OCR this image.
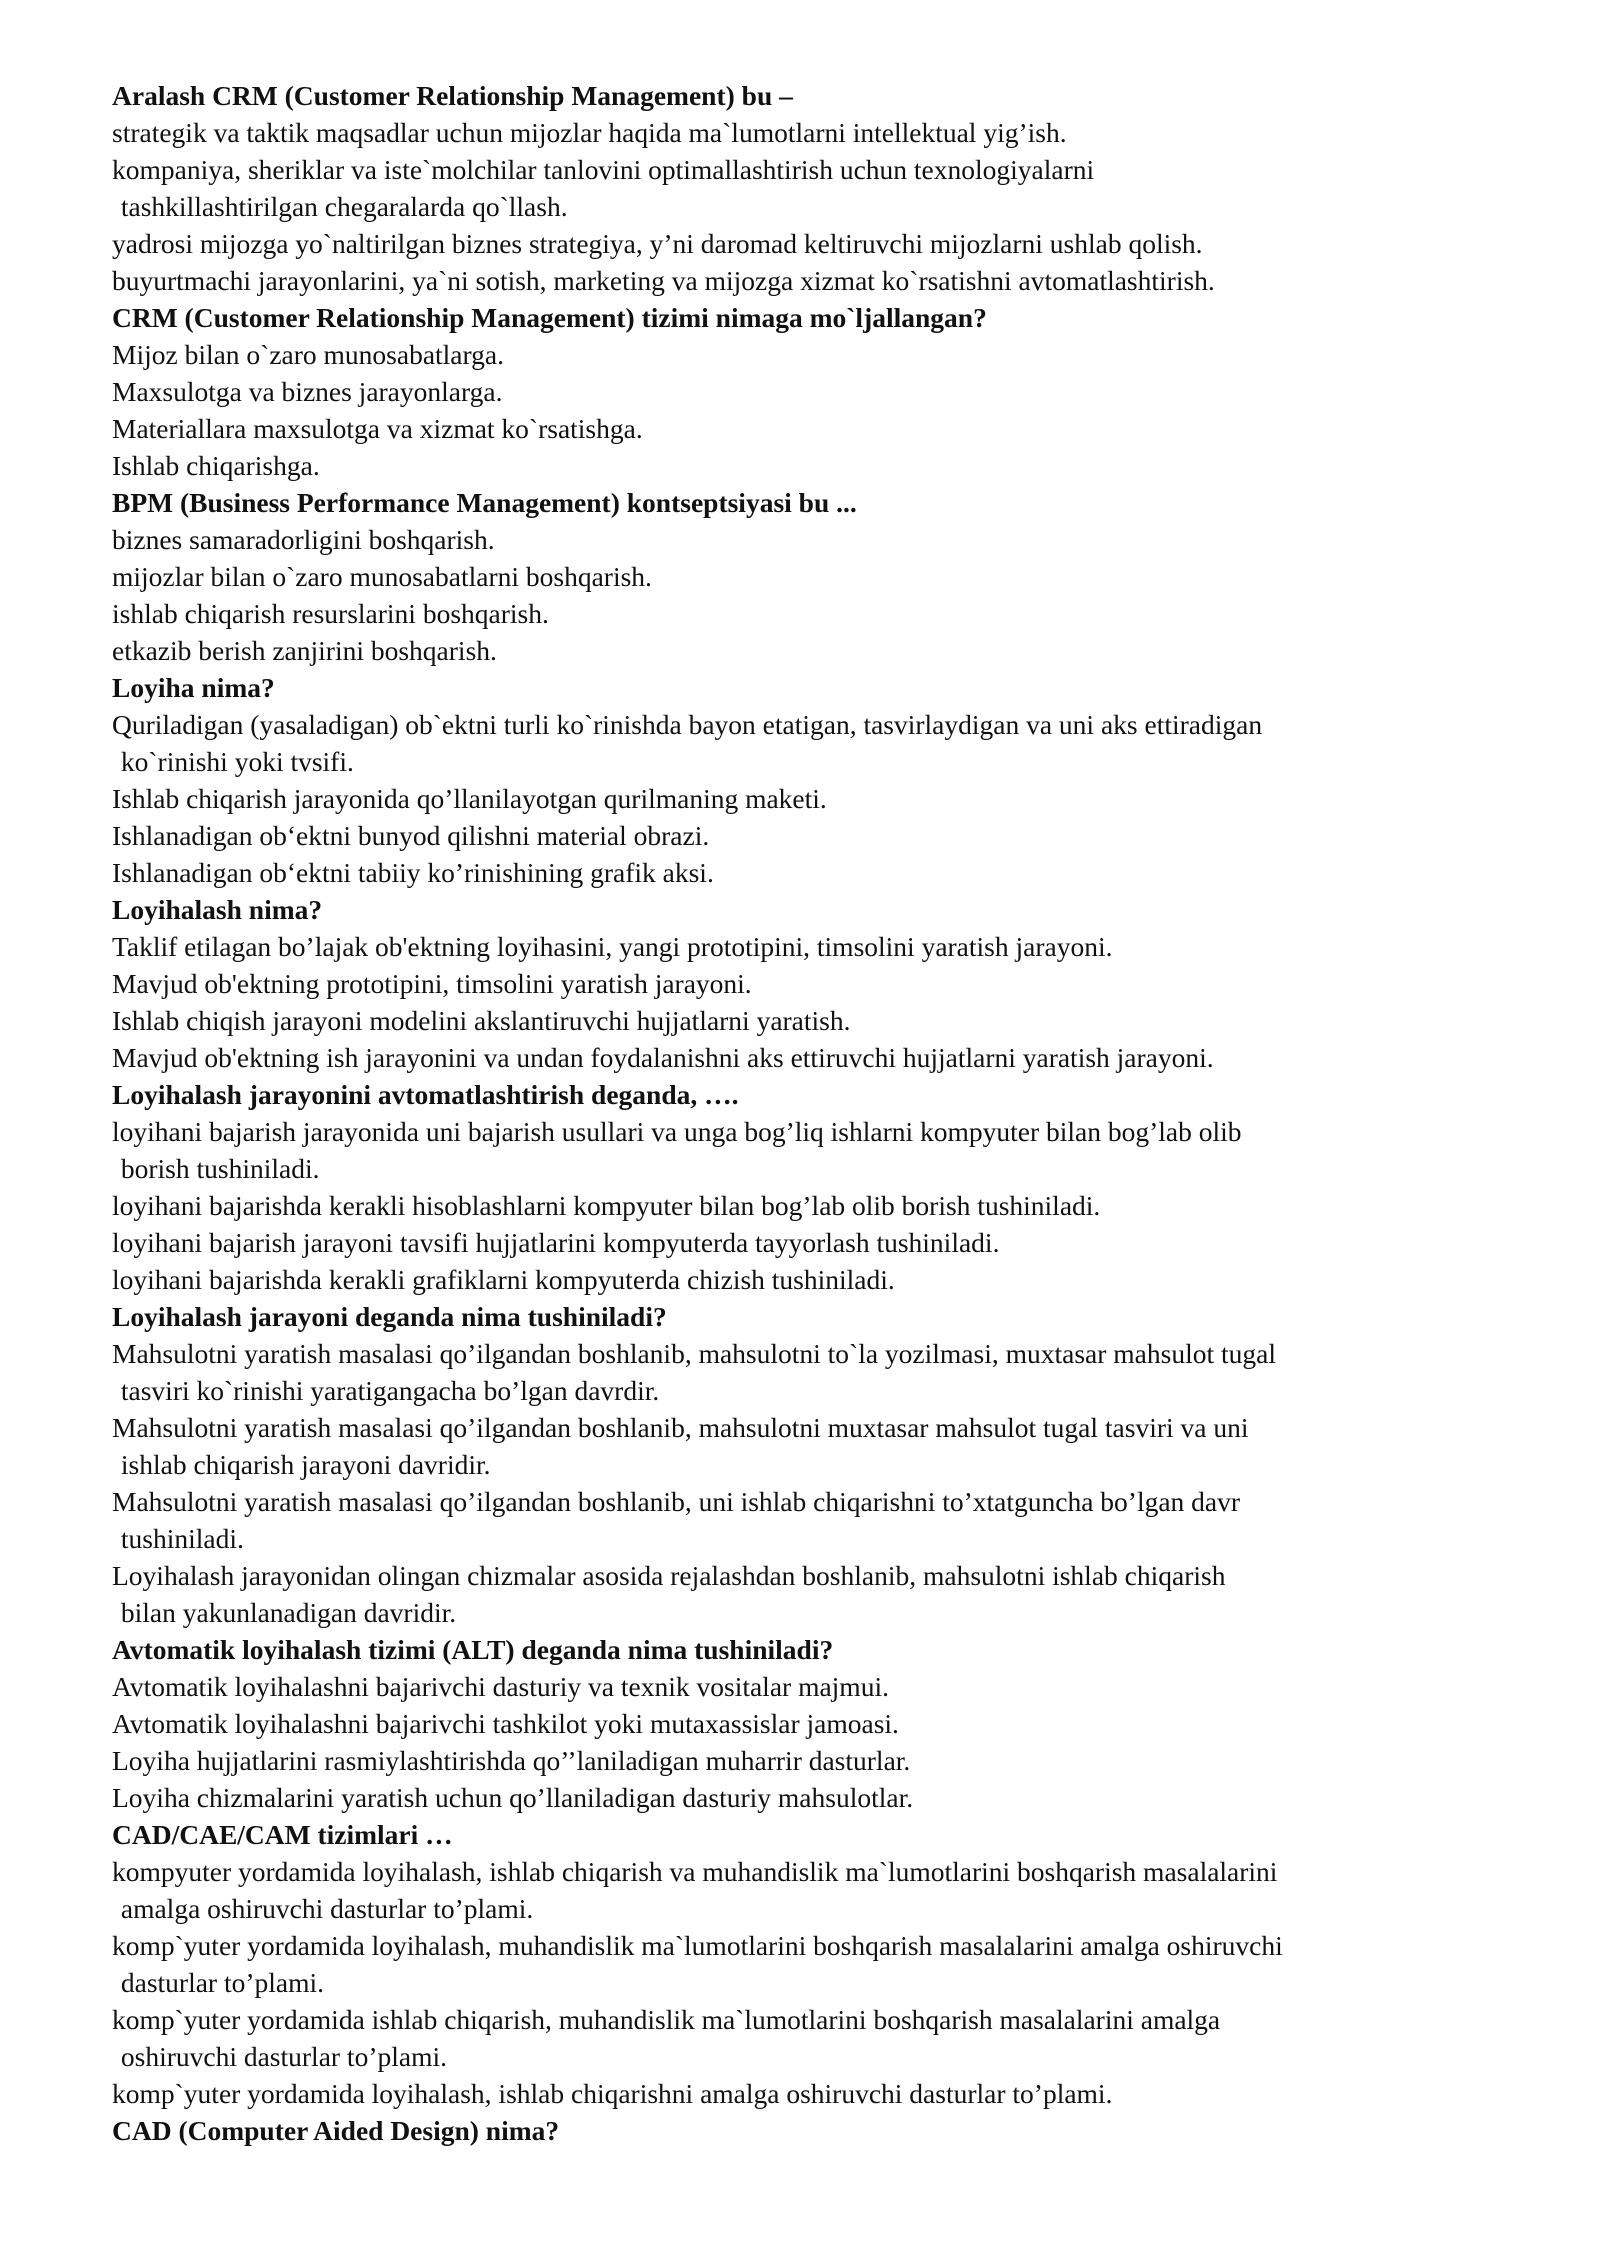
Aralash CRM (Customer Relationship Management) bu –

strategik va taktik maqsadlar uchun mijozlar haqida ma`lumotlarni intellektual yig’ish.

kompaniya, sheriklar va iste`molchilar tanlovini optimallashtirish uchun texnologiyalarni
tashkillashtirilgan chegaralarda qo`llash.

yadrosi mijozga yo`naltirilgan biznes strategiya, y’ni daromad keltiruvchi mijozlarni ushlab qolish.

buyurtmachi jarayonlarini, ya`ni sotish, marketing va mijozga xizmat ko`rsatishni avtomatlashtirish.

CRM (Customer Relationship Management) tizimi nimaga mo`ljallangan?

Mijoz bilan o`zaro munosabatlarga.

Maxsulotga va biznes jarayonlarga.

Materiallara maxsulotga va xizmat ko`rsatishga.

Ishlab chiqarishga.

BPM (Business Performance Management) kontseptsiyasi bu ...

biznes samaradorligini boshqarish.

mijozlar bilan o`zaro munosabatlarni boshqarish.

ishlab chiqarish resurslarini boshqarish.

etkazib berish zanjirini boshqarish.

Loyiha nima?

Quriladigan (yasaladigan) ob`ektni turli ko`rinishda bayon etatigan, tasvirlaydigan va uni aks ettiradigan
ko`rinishi yoki tvsifi.

Ishlab chiqarish jarayonida qo’llanilayotgan qurilmaning maketi.

Ishlanadigan ob‘ektni bunyod qilishni material obrazi.

Ishlanadigan ob‘ektni tabiiy ko’rinishining grafik aksi.

Loyihalash nima?

Taklif etilagan bo’lajak ob'ektning loyihasini, yangi prototipini, timsolini yaratish jarayoni.

Mavjud ob'ektning prototipini, timsolini yaratish jarayoni.

Ishlab chiqish jarayoni modelini akslantiruvchi hujjatlarni yaratish.

Mavjud ob'ektning ish jarayonini va undan foydalanishni aks ettiruvchi hujjatlarni yaratish jarayoni.

Loyihalash jarayonini avtomatlashtirish deganda, ….

loyihani bajarish jarayonida uni bajarish usullari va unga bog’liq ishlarni kompyuter bilan bog’lab olib
borish tushiniladi.

loyihani bajarishda kerakli hisoblashlarni kompyuter bilan bog’lab olib borish tushiniladi.

loyihani bajarish jarayoni tavsifi hujjatlarini kompyuterda tayyorlash tushiniladi.

loyihani bajarishda kerakli grafiklarni kompyuterda chizish tushiniladi.

Loyihalash jarayoni deganda nima tushiniladi?

Mahsulotni yaratish masalasi qo’ilgandan boshlanib, mahsulotni to`la yozilmasi, muxtasar mahsulot tugal
tasviri ko`rinishi yaratigangacha bo’lgan davrdir.

Mahsulotni yaratish masalasi qo’ilgandan boshlanib, mahsulotni muxtasar mahsulot tugal tasviri va uni
ishlab chiqarish jarayoni davridir.

Mahsulotni yaratish masalasi qo’ilgandan boshlanib, uni ishlab chiqarishni to’xtatguncha bo’lgan davr
tushiniladi.

Loyihalash jarayonidan olingan chizmalar asosida rejalashdan boshlanib, mahsulotni ishlab chiqarish
bilan yakunlanadigan davridir.

Avtomatik loyihalash tizimi (ALT) deganda nima tushiniladi?

Avtomatik loyihalashni bajarivchi dasturiy va texnik vositalar majmui.

Avtomatik loyihalashni bajarivchi tashkilot yoki mutaxassislar jamoasi.

Loyiha hujjatlarini rasmiylashtirishda qo’’laniladigan muharrir dasturlar.

Loyiha chizmalarini yaratish uchun qo’llaniladigan dasturiy mahsulotlar.

CAD/CAE/CAM tizimlari …

kompyuter yordamida loyihalash, ishlab chiqarish va muhandislik ma`lumotlarini boshqarish masalalarini
amalga oshiruvchi dasturlar to’plami.

komp`yuter yordamida loyihalash, muhandislik ma`lumotlarini boshqarish masalalarini amalga oshiruvchi
dasturlar to’plami.

komp`yuter yordamida ishlab chiqarish, muhandislik ma`lumotlarini boshqarish masalalarini amalga
oshiruvchi dasturlar to’plami.

komp`yuter yordamida loyihalash, ishlab chiqarishni amalga oshiruvchi dasturlar to’plami.

CAD (Computer Aided Design) nima?
